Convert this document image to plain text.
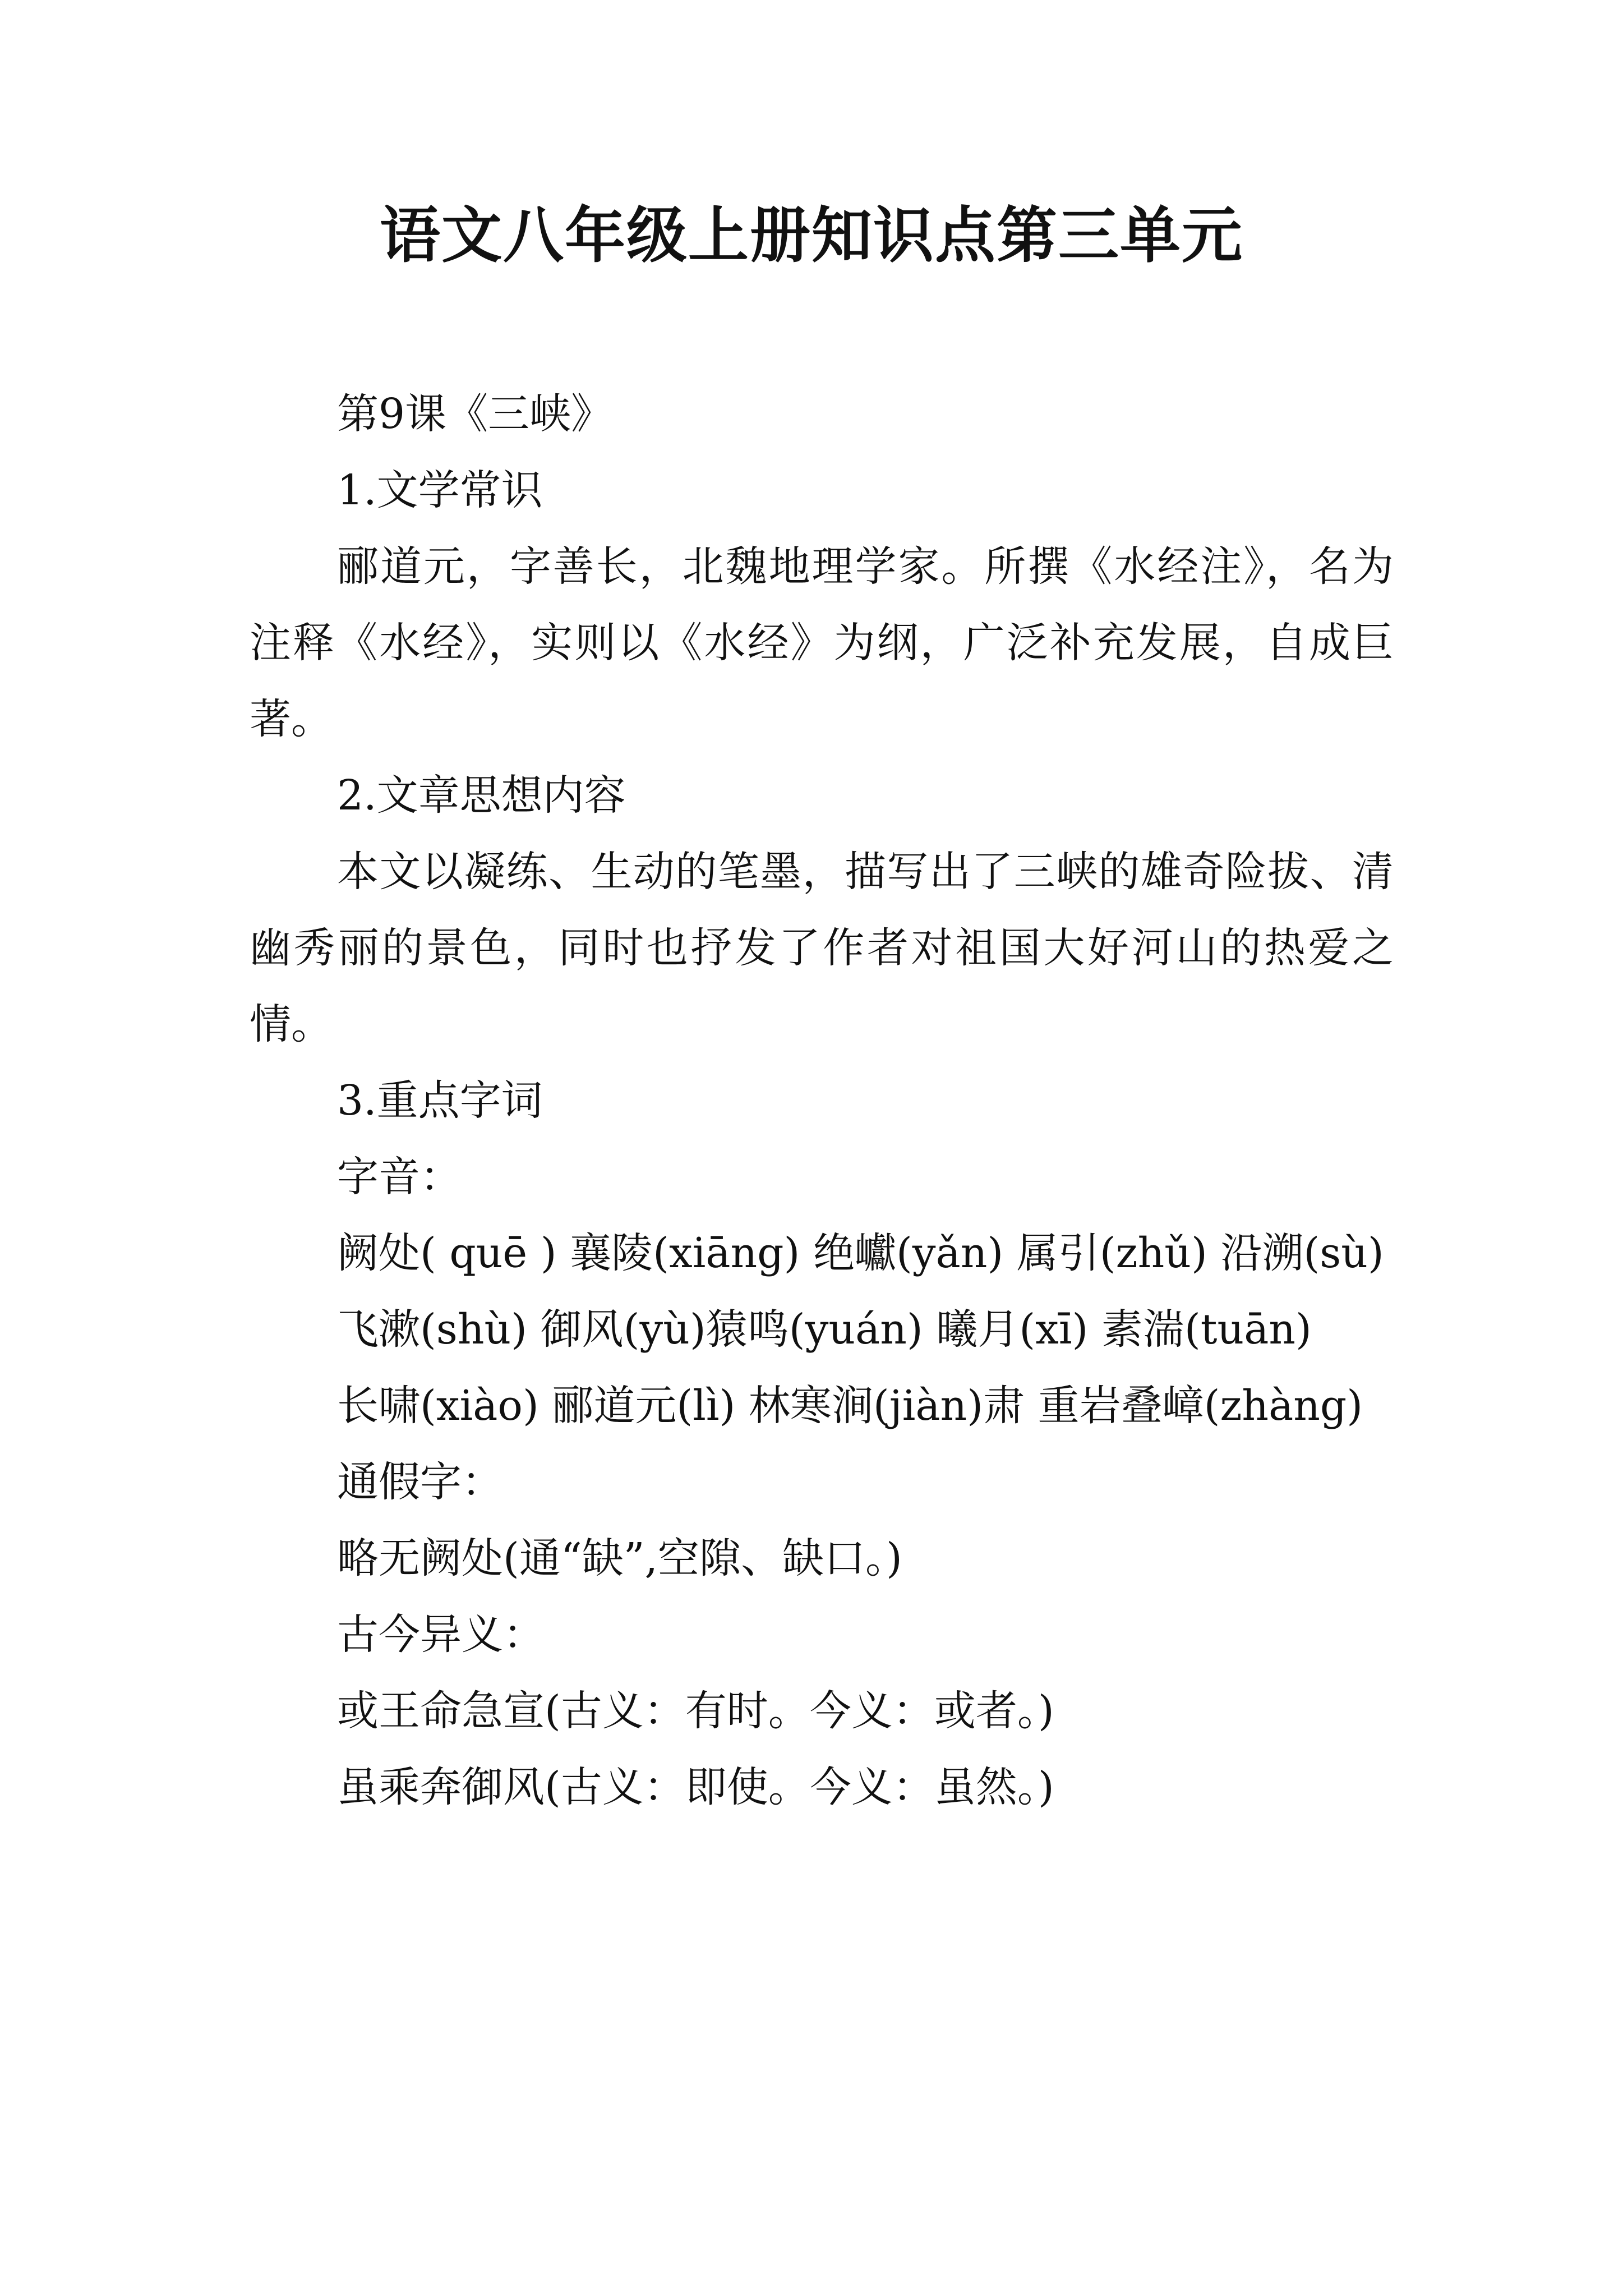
语文八年级上册知识点第三单元

第9课《三峡》

1.文学常识

郦道元，字善长，北魏地理学家。所撰《水经注》，名为注释《水经》，实则以《水经》为纲，广泛补充发展，自成巨著。

2.文章思想内容

本文以凝练、生动的笔墨，描写出了三峡的雄奇险拔、清幽秀丽的景色，同时也抒发了作者对祖国大好河山的热爱之情。

3.重点字词

字音：

阙处( quē ) 襄陵(xiāng) 绝巘(yǎn) 属引(zhǔ) 沿溯(sù)

飞漱(shù) 御风(yù)猿鸣(yuán) 曦月(xī) 素湍(tuān)

长啸(xiào) 郦道元(lì) 林寒涧(jiàn)肃 重岩叠嶂(zhàng)

通假字：

略无阙处(通“缺”,空隙、缺口。)

古今异义：

或王命急宣(古义：有时。今义：或者。)

虽乘奔御风(古义：即使。今义：虽然。)
